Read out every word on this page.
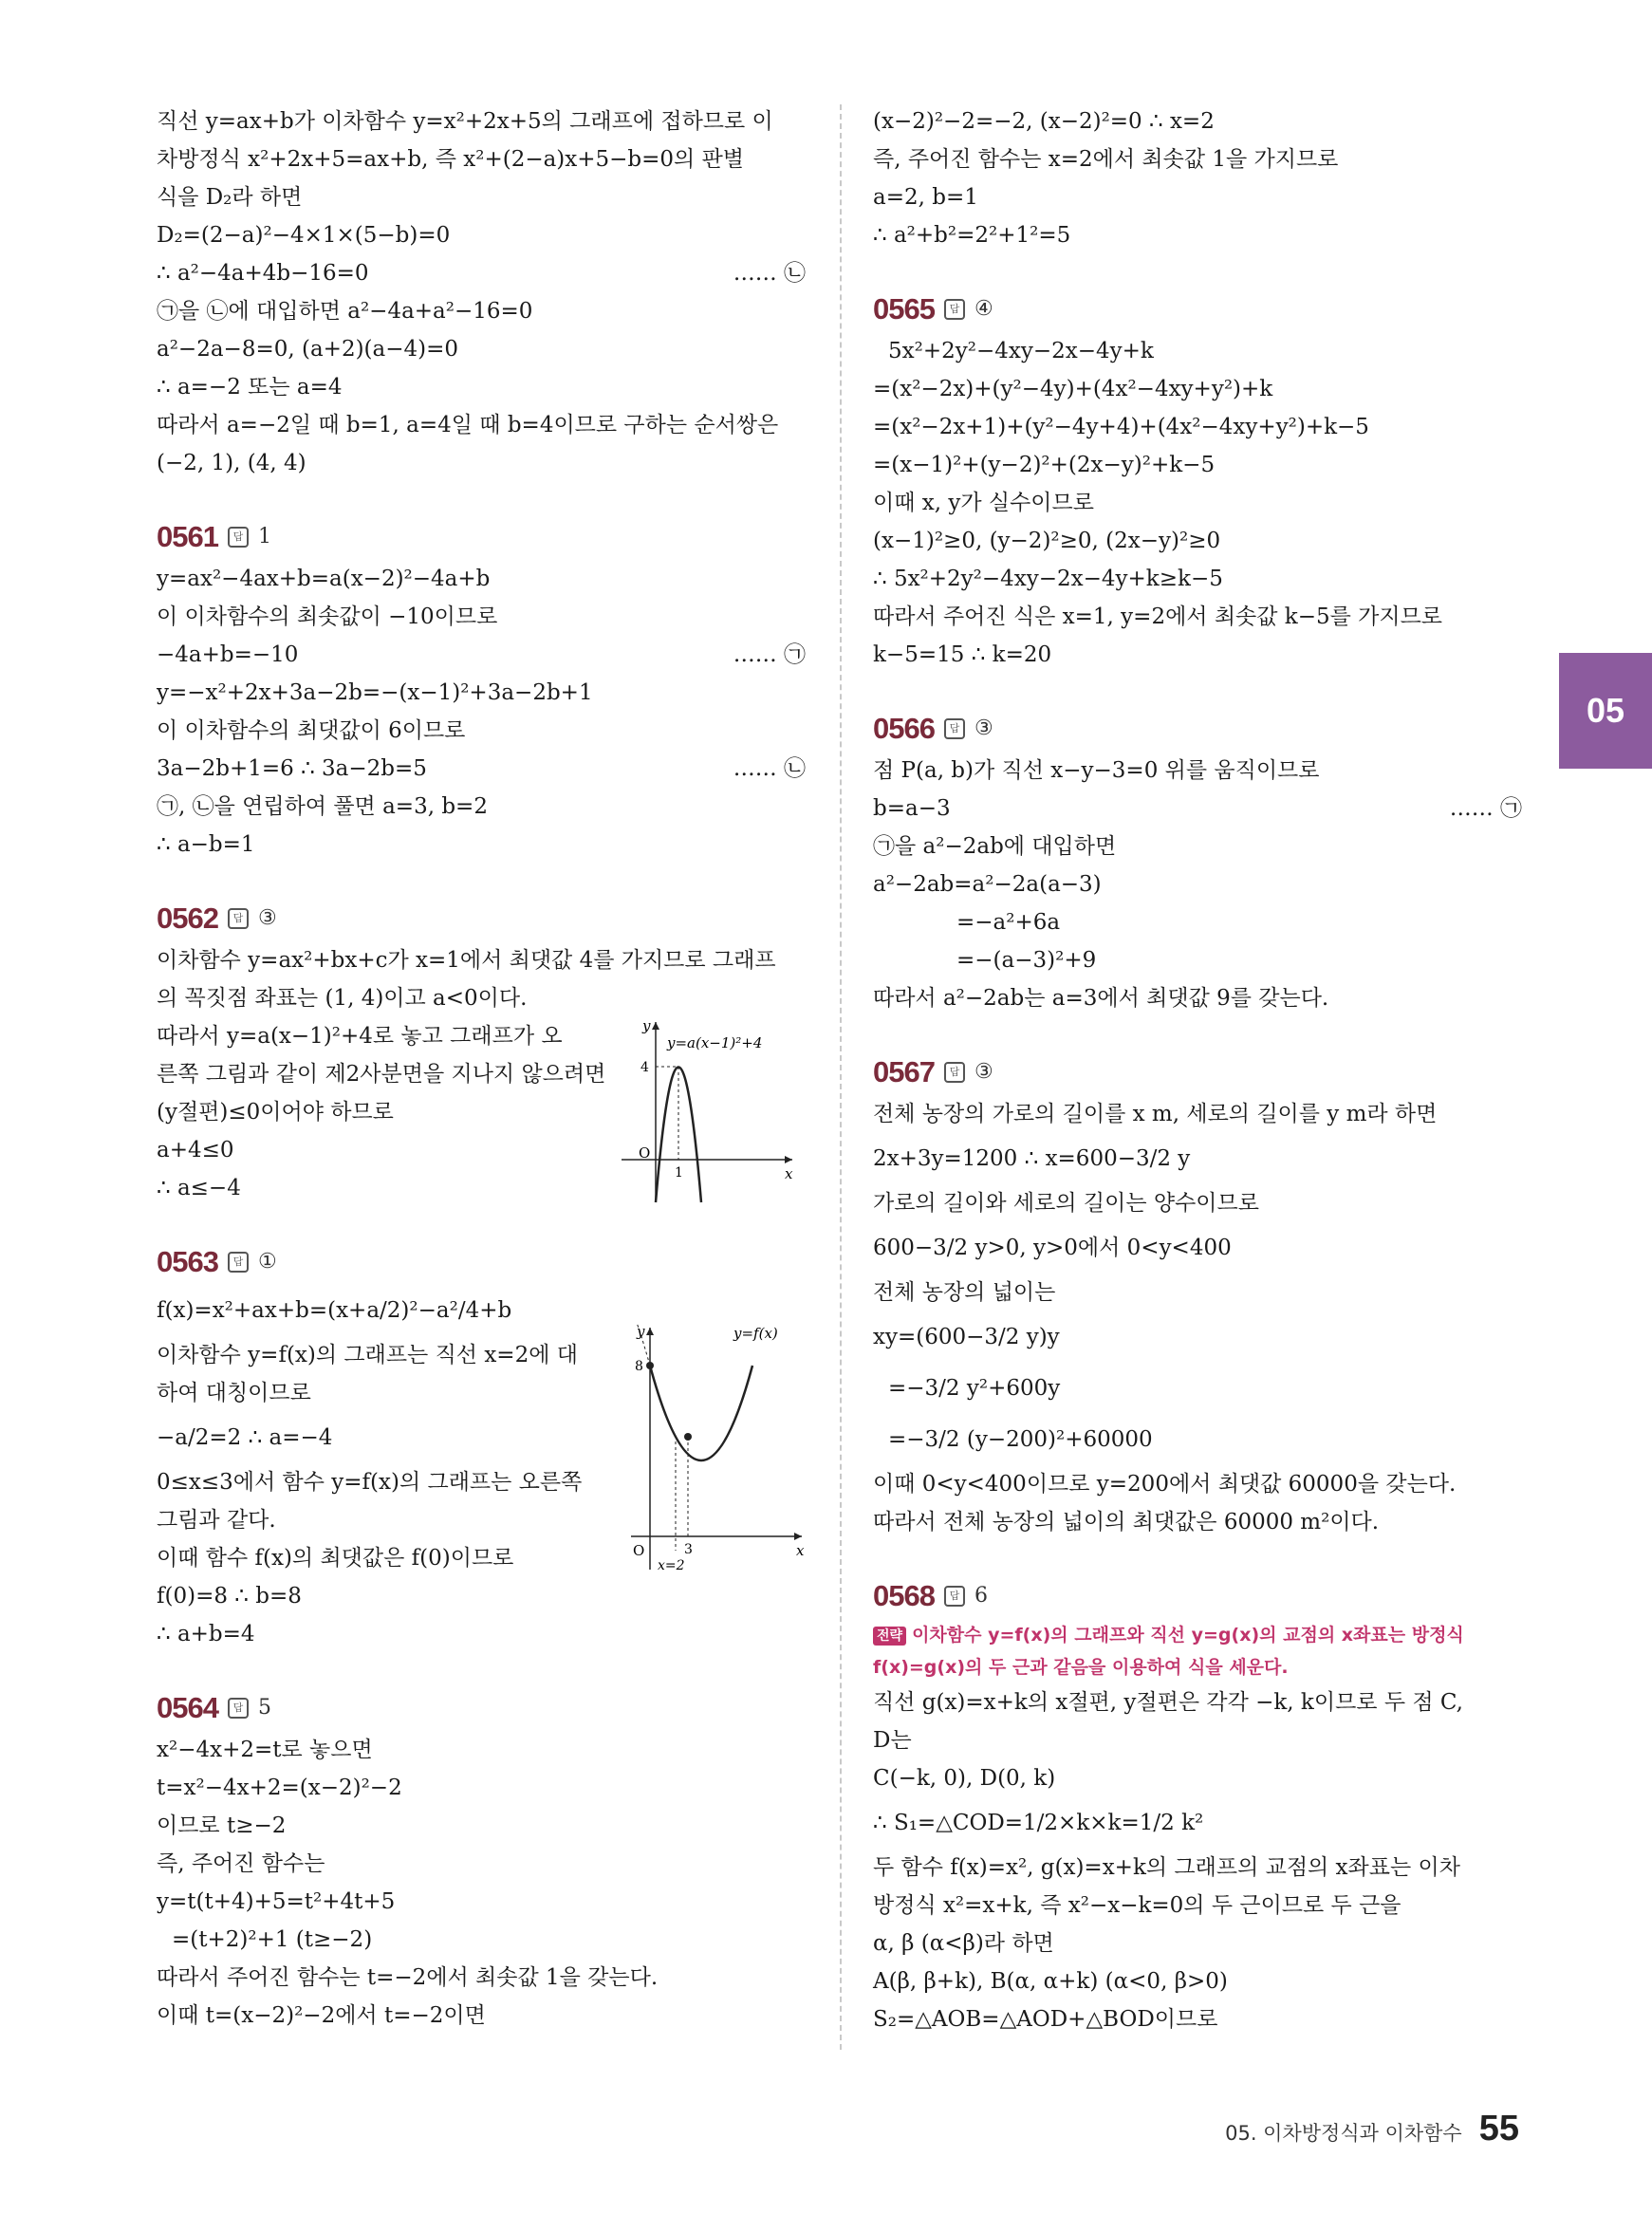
직선 y=ax+b가 이차함수 y=x²+2x+5의 그래프에 접하므로 이
차방정식 x²+2x+5=ax+b, 즉 x²+(2−a)x+5−b=0의 판별
식을 D₂라 하면
D₂=(2−a)²−4×1×(5−b)=0
∴ a²−4a+4b−16=0	…… ㉡
㉠을 ㉡에 대입하면 a²−4a+a²−16=0
a²−2a−8=0, (a+2)(a−4)=0
∴ a=−2 또는 a=4
따라서 a=−2일 때 b=1, a=4일 때 b=4이므로 구하는 순서쌍은
(−2, 1), (4, 4)
0561	답 1
y=ax²−4ax+b=a(x−2)²−4a+b
이 이차함수의 최솟값이 −10이므로
−4a+b=−10	…… ㉠
y=−x²+2x+3a−2b=−(x−1)²+3a−2b+1
이 이차함수의 최댓값이 6이므로
3a−2b+1=6 ∴ 3a−2b=5	…… ㉡
㉠, ㉡을 연립하여 풀면 a=3, b=2
∴ a−b=1
0562	답 ③
이차함수 y=ax²+bx+c가 x=1에서 최댓값 4를 가지므로 그래프
의 꼭짓점 좌표는 (1, 4)이고 a<0이다.
따라서 y=a(x−1)²+4로 놓고 그래프가 오
른쪽 그림과 같이 제2사분면을 지나지 않으려면
(y절편)≤0이어야 하므로
a+4≤0
∴ a≤−4
y
x
O
1
4
y=a(x−1)²+4
0563	답 ①
f(x)=x²+ax+b=(x+a/2)²−a²/4+b
이차함수 y=f(x)의 그래프는 직선 x=2에 대
하여 대칭이므로
−a/2=2 ∴ a=−4
0≤x≤3에서 함수 y=f(x)의 그래프는 오른쪽
그림과 같다.
이때 함수 f(x)의 최댓값은 f(0)이므로
f(0)=8 ∴ b=8
∴ a+b=4
y
x
O	3
8
x=2
y=f(x)
0564	답 5
x²−4x+2=t로 놓으면
t=x²−4x+2=(x−2)²−2
이므로 t≥−2
즉, 주어진 함수는
y=t(t+4)+5=t²+4t+5
=(t+2)²+1 (t≥−2)
따라서 주어진 함수는 t=−2에서 최솟값 1을 갖는다.
이때 t=(x−2)²−2에서 t=−2이면
(x−2)²−2=−2, (x−2)²=0 ∴ x=2
즉, 주어진 함수는 x=2에서 최솟값 1을 가지므로
a=2, b=1
∴ a²+b²=2²+1²=5
0565	답 ④
5x²+2y²−4xy−2x−4y+k
=(x²−2x)+(y²−4y)+(4x²−4xy+y²)+k
=(x²−2x+1)+(y²−4y+4)+(4x²−4xy+y²)+k−5
=(x−1)²+(y−2)²+(2x−y)²+k−5
이때 x, y가 실수이므로
(x−1)²≥0, (y−2)²≥0, (2x−y)²≥0
∴ 5x²+2y²−4xy−2x−4y+k≥k−5
따라서 주어진 식은 x=1, y=2에서 최솟값 k−5를 가지므로
k−5=15 ∴ k=20
0566	답 ③
점 P(a, b)가 직선 x−y−3=0 위를 움직이므로
b=a−3	…… ㉠
㉠을 a²−2ab에 대입하면
a²−2ab=a²−2a(a−3)
=−a²+6a
=−(a−3)²+9
따라서 a²−2ab는 a=3에서 최댓값 9를 갖는다.
0567	답 ③
전체 농장의 가로의 길이를 x m, 세로의 길이를 y m라 하면
2x+3y=1200 ∴ x=600−3/2 y
가로의 길이와 세로의 길이는 양수이므로
600−3/2 y>0, y>0에서 0<y<400
전체 농장의 넓이는
xy=(600−3/2 y)y
=−3/2 y²+600y
=−3/2 (y−200)²+60000
이때 0<y<400이므로 y=200에서 최댓값 60000을 갖는다.
따라서 전체 농장의 넓이의 최댓값은 60000 m²이다.
0568	답 6
전략 이차함수 y=f(x)의 그래프와 직선 y=g(x)의 교점의 x좌표는 방정식
f(x)=g(x)의 두 근과 같음을 이용하여 식을 세운다.
직선 g(x)=x+k의 x절편, y절편은 각각 −k, k이므로 두 점 C,
D는
C(−k, 0), D(0, k)
∴ S₁=△COD=1/2×k×k=1/2 k²
두 함수 f(x)=x², g(x)=x+k의 그래프의 교점의 x좌표는 이차
방정식 x²=x+k, 즉 x²−x−k=0의 두 근이므로 두 근을
α, β (α<β)라 하면
A(β, β+k), B(α, α+k) (α<0, β>0)
S₂=△AOB=△AOD+△BOD이므로
05
05. 이차방정식과 이차함수 55
